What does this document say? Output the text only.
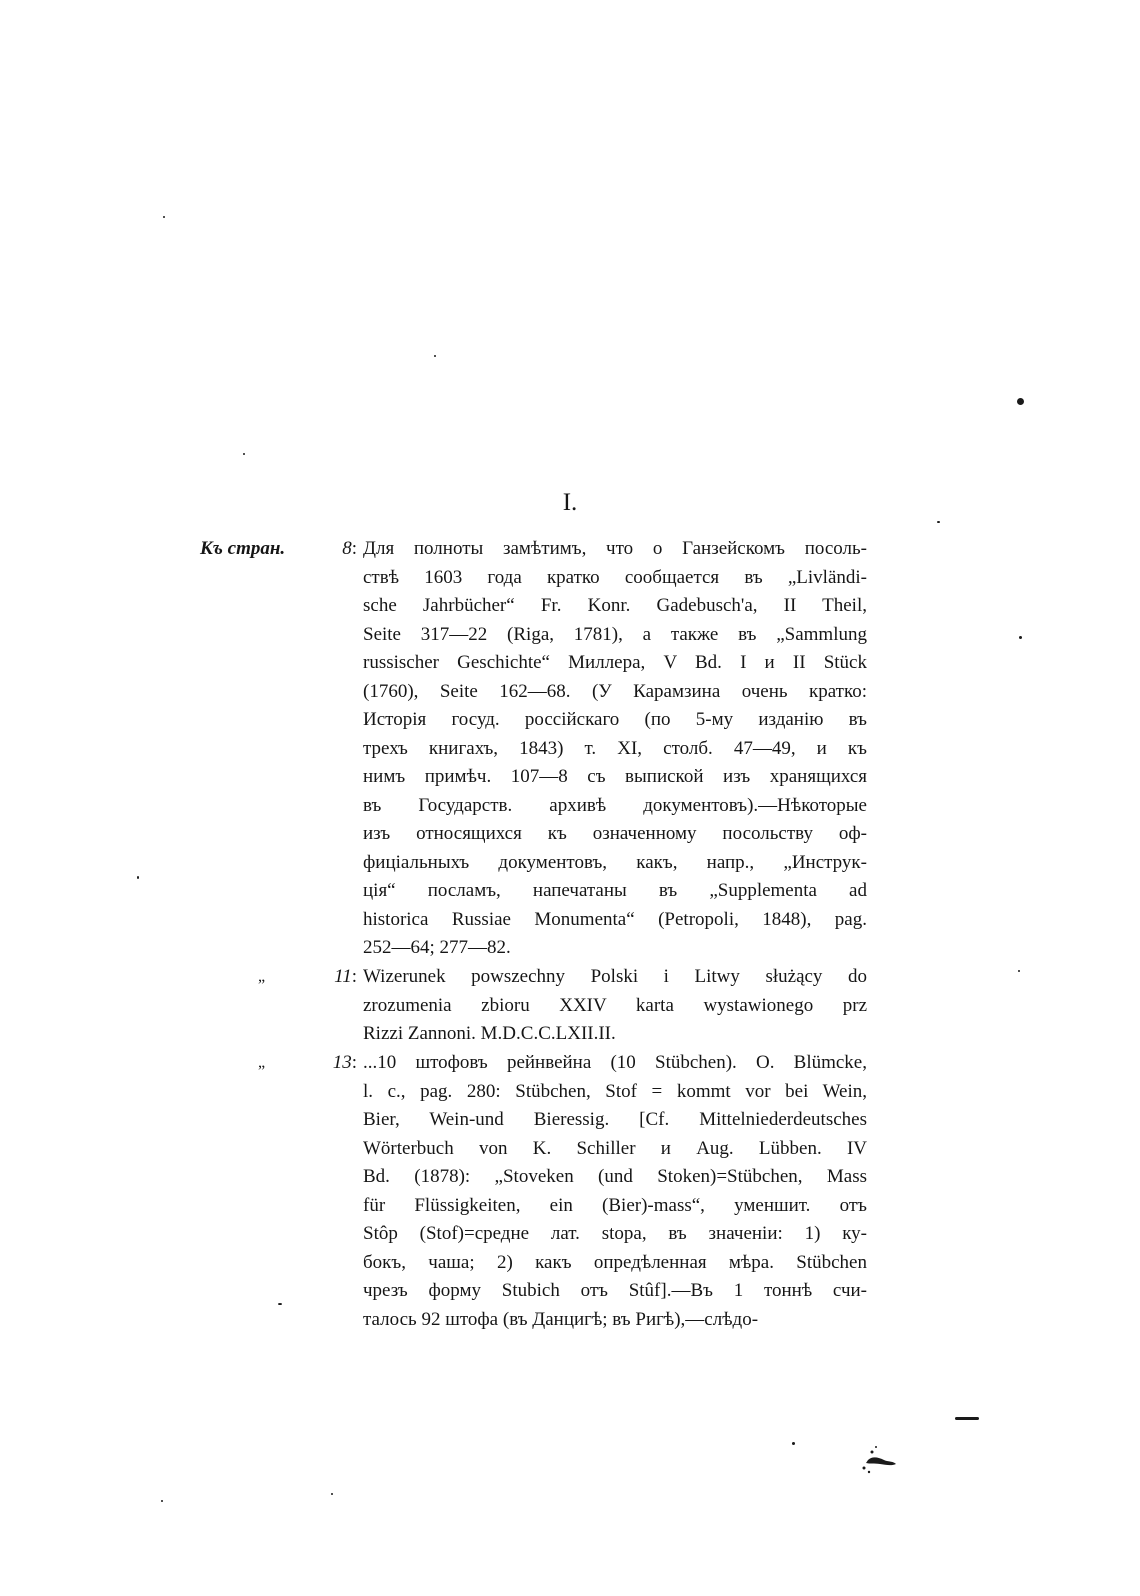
I.
Къ стран.	8: Для полноты замѣтимъ, что о Ганзейскомъ посоль-
ствѣ 1603 года кратко сообщается въ „Livländi-
sche Jahrbücher“ Fr. Konr. Gadebusch'a, II Theil,
Seite 317—22 (Riga, 1781), а также въ „Sammlung
russischer Geschichte“ Миллера, V Bd. I и II Stück
(1760), Seite 162—68. (У Карамзина очень кратко:
Исторія госуд. россійскаго (по 5-му изданію въ
трехъ книгахъ, 1843) т. XI, столб. 47—49, и къ
нимъ примѣч. 107—8 съ выпиской изъ хранящихся
въ Государств. архивѣ документовъ).—Нѣкоторые
изъ относящихся къ означенному посольству оф-
фиціальныхъ документовъ, какъ, напр., „Инструк-
ція“ посламъ, напечатаны въ „Supplementa ad
historica Russiae Monumenta“ (Petropoli, 1848), pag.
252—64; 277—82.
„	11: Wizerunek powszechny Polski i Litwy służący do
zrozumenia zbioru XXIV karta wystawionego prz
Rizzi Zannoni. M.D.C.C.LXII.II.
„	13: ...10 штофовъ рейнвейна (10 Stübchen). O. Blümcke,
l. c., pag. 280: Stübchen, Stof = kommt vor bei Wein,
Bier, Wein-und Bieressig. [Cf. Mittelniederdeutsches
Wörterbuch von K. Schiller и Aug. Lübben. IV
Bd. (1878): „Stoveken (und Stoken)=Stübchen, Mass
für Flüssigkeiten, ein (Bier)-mass“, уменшит. отъ
Stôp (Stof)=средне лат. stopa, въ значеніи: 1) ку-
бокъ, чаша; 2) какъ опредѣленная мѣра. Stübchen
чрезъ форму Stubich отъ Stûf].—Въ 1 тоннѣ счи-
талось 92 штофа (въ Данцигѣ; въ Ригѣ),—слѣдо-
